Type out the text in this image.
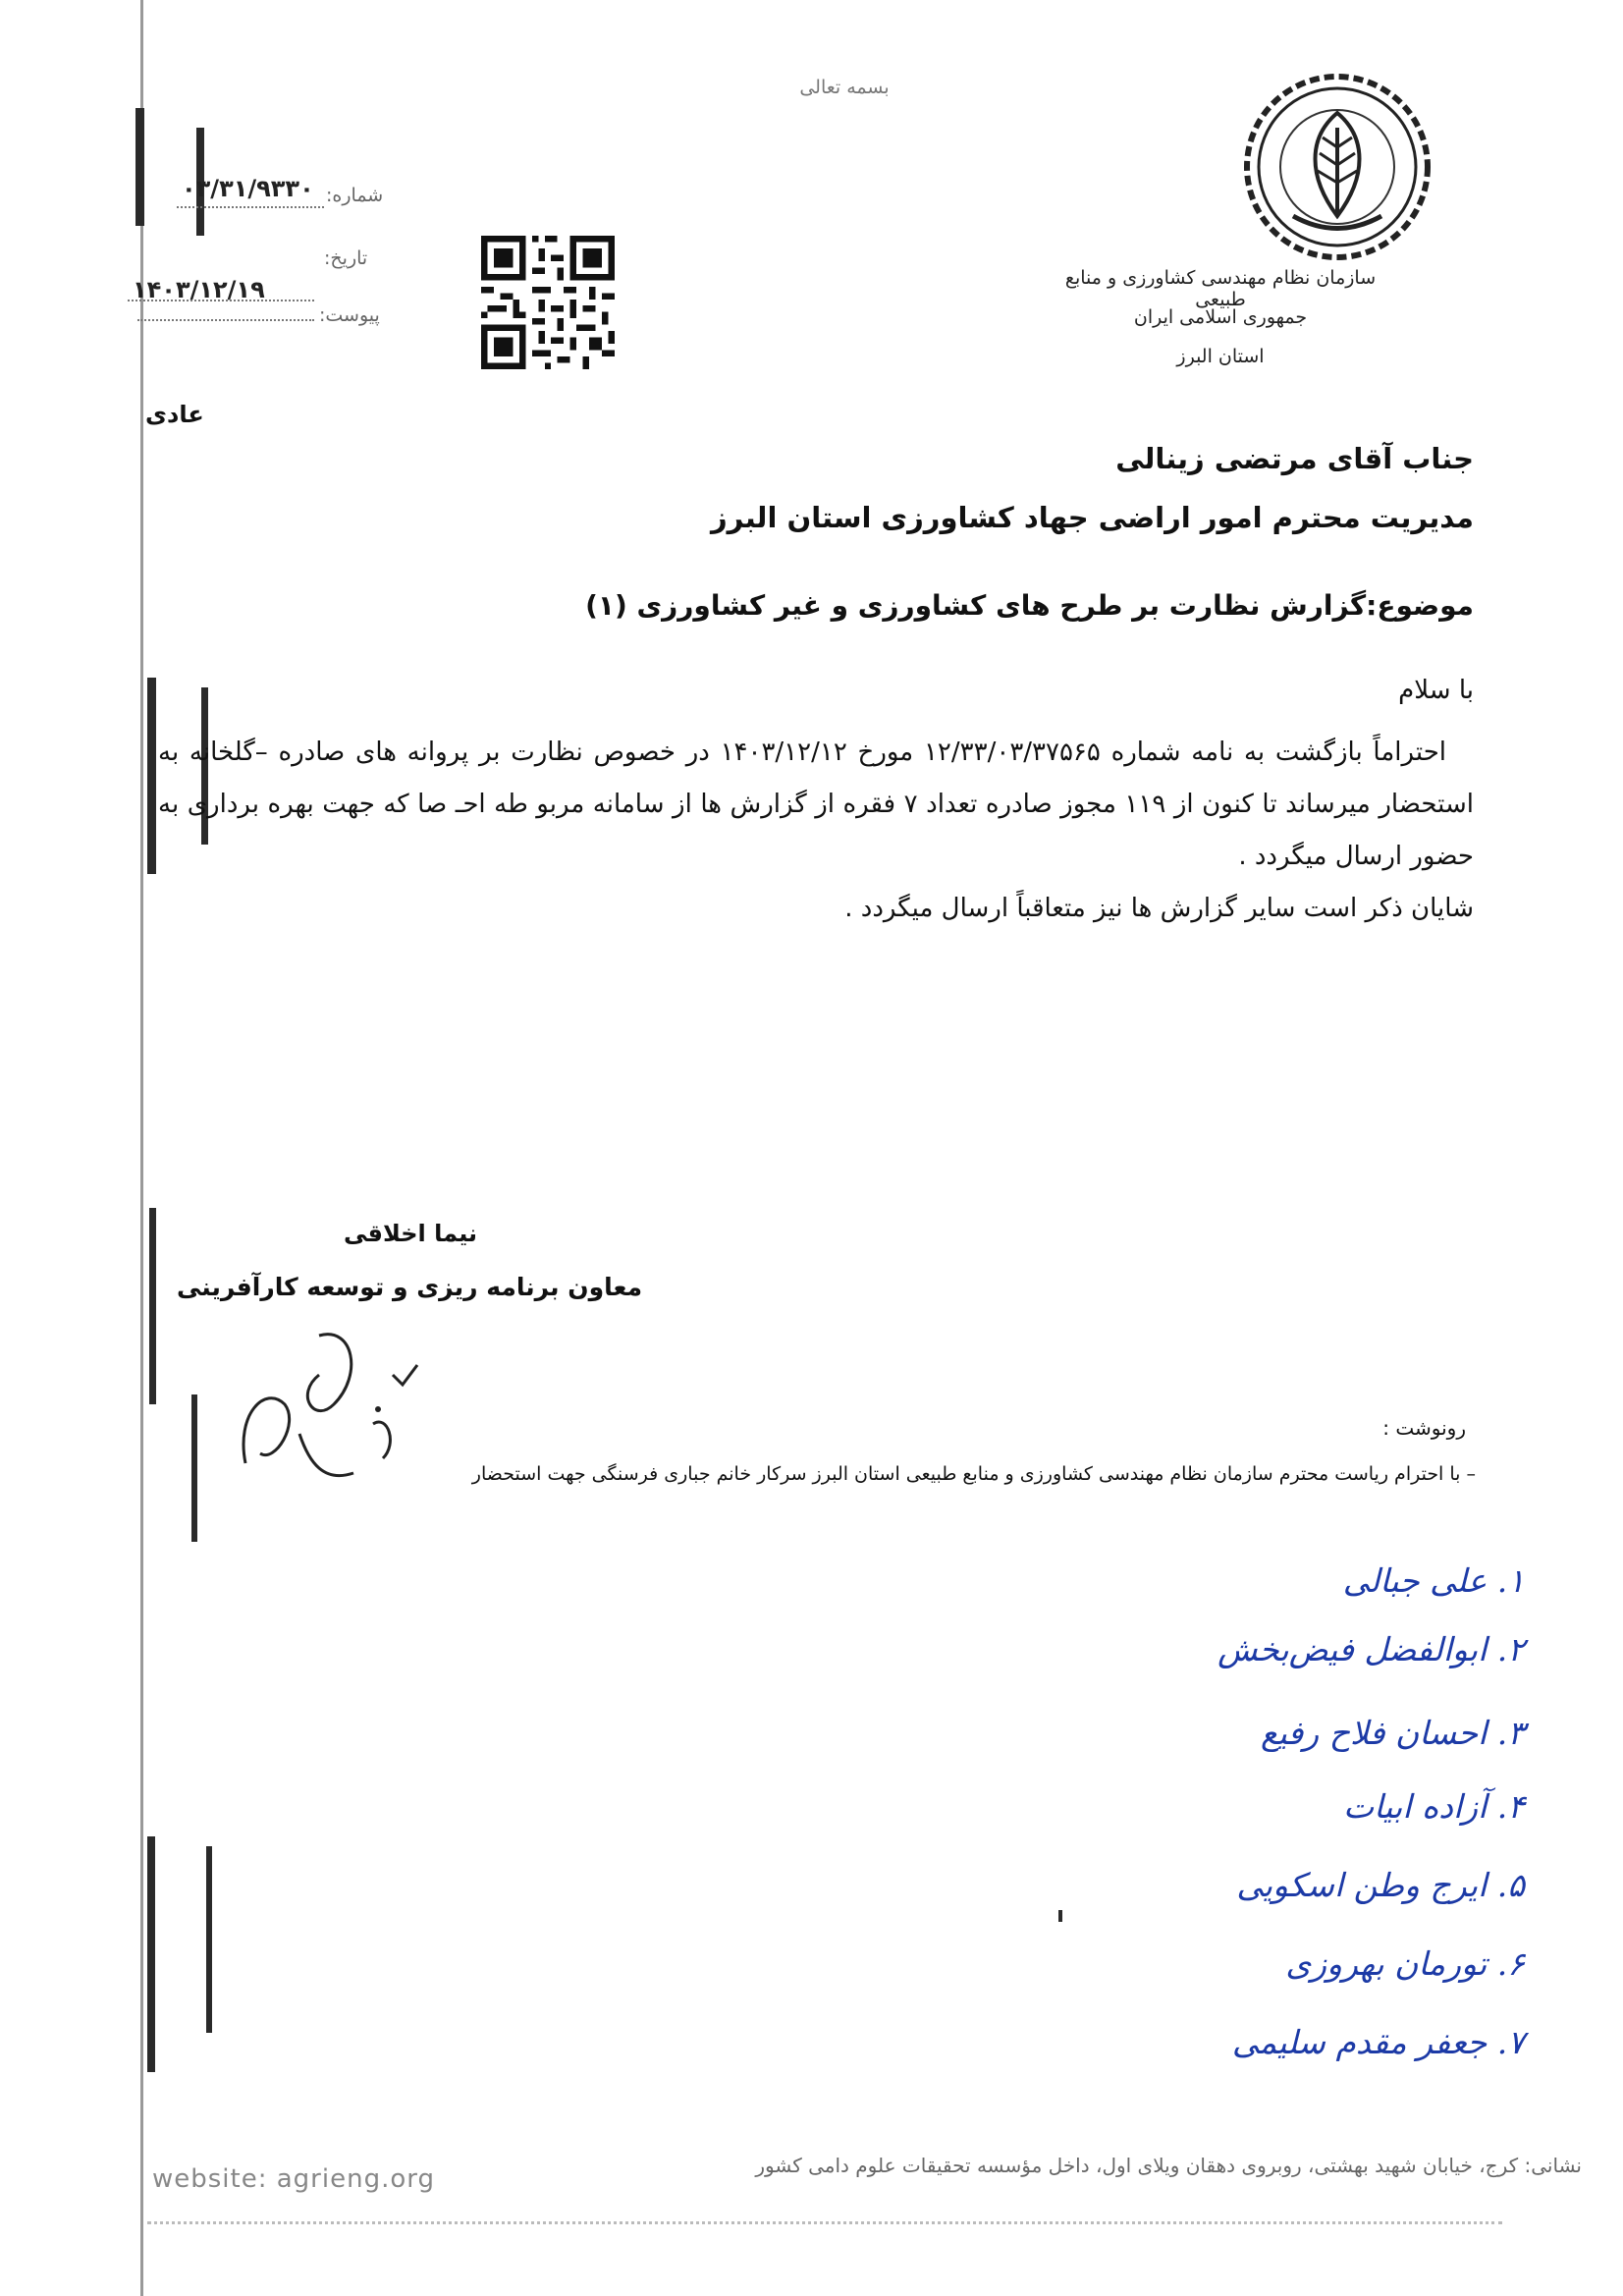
بسمه تعالی
سازمان نظام مهندسی کشاورزی و منابع طبیعی
جمهوری اسلامی ایران
استان البرز
شماره:
۰۳/۳۱/۹۳۳۰
تاریخ:
۱۴۰۳/۱۲/۱۹
پیوست:
عادی
جناب آقای مرتضی زینالی
مدیریت محترم امور اراضی جهاد کشاورزی استان البرز
موضوع:گزارش نظارت بر طرح های کشاورزی و غیر کشاورزی (۱)
با سلام

احتراماً بازگشت به نامه شماره ۱۲/۳۳/۰۳/۳۷۵۶۵ مورخ ۱۴۰۳/۱۲/۱۲ در خصوص نظارت بر پروانه های صادره –گلخانه به استحضار میرساند تا کنون از ۱۱۹ مجوز صادره تعداد ۷ فقره از گزارش ها از سامانه مربو طه احـ صا که جهت بهره برداری به حضور ارسال میگردد .

شایان ذکر است سایر گزارش ها نیز متعاقباً ارسال میگردد .

نیما اخلاقی
معاون برنامه ریزی و توسعه کارآفرینی
رونوشت :
– با احترام ریاست محترم سازمان نظام مهندسی کشاورزی و منابع طبیعی استان البرز سرکار خانم جباری فرسنگی جهت استحضار
۱. علی جبالی
۲. ابوالفضل فیض‌بخش
۳. احسان فلاح رفیع
۴. آزاده ابیات
۵. ایرج وطن اسکویی
۶. تورمان بهروزی
۷. جعفر مقدم سلیمی
نشانی: کرج، خیابان شهید بهشتی، روبروی دهقان ویلای اول، داخل مؤسسه تحقیقات علوم دامی کشور
website: agrieng.org
